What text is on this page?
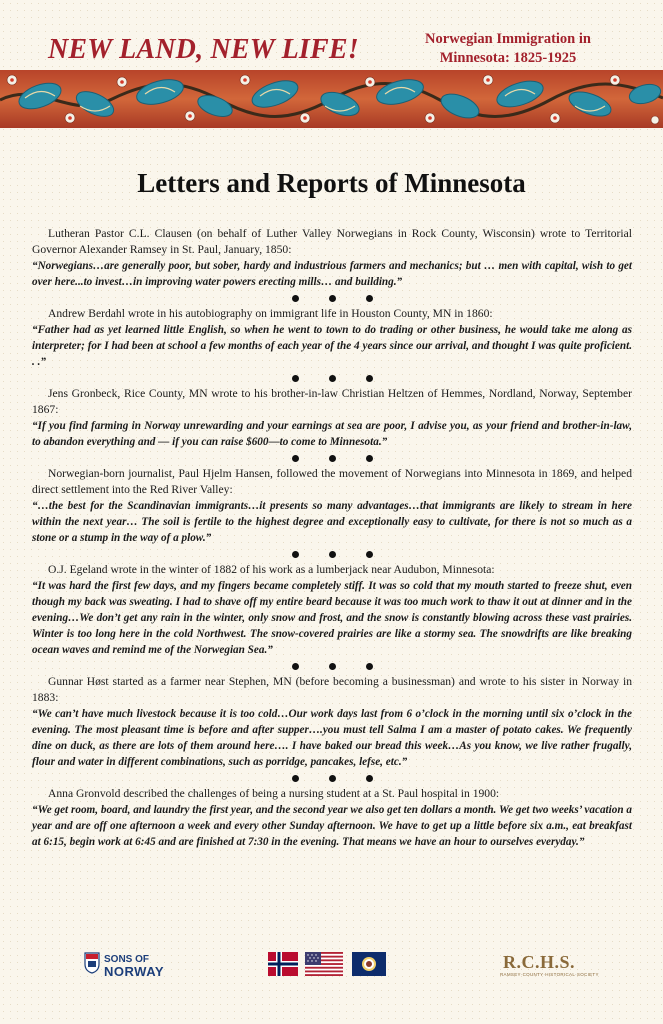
NEW LAND, NEW LIFE!	Norwegian Immigration in
Minnesota: 1825-1925
Letters and Reports of Minnesota

Lutheran Pastor C.L. Clausen (on behalf of Luther Valley Norwegians in Rock County, Wisconsin) wrote to Territorial Governor Alexander Ramsey in St. Paul, January, 1850:

“Norwegians…are generally poor, but sober, hardy and industrious farmers and mechanics; but … men with capital, wish to get over here...to invest…in improving water powers erecting mills… and building.”

Andrew Berdahl wrote in his autobiography on immigrant life in Houston County, MN in 1860:

“Father had as yet learned little English, so when he went to town to do trading or other business, he would take me along as interpreter; for I had been at school a few months of each year of the 4 years since our arrival, and thought I was quite proficient. . .”

Jens Gronbeck, Rice County, MN wrote to his brother-in-law Christian Heltzen of Hemmes, Nordland, Norway, September 1867:

“If you find farming in Norway unrewarding and your earnings at sea are poor, I advise you, as your friend and brother-in-law, to abandon everything and — if you can raise $600—to come to Minnesota.”

Norwegian-born journalist, Paul Hjelm Hansen, followed the movement of Norwegians into Minnesota in 1869, and helped direct settlement into the Red River Valley:

“…the best for the Scandinavian immigrants…it presents so many advantages…that immigrants are likely to stream in here within the next year… The soil is fertile to the highest degree and exceptionally easy to cultivate, for there is not so much as a stone or a stump in the way of a plow.”

O.J. Egeland wrote in the winter of 1882 of his work as a lumberjack near Audubon, Minnesota:

“It was hard the first few days, and my fingers became completely stiff. It was so cold that my mouth started to freeze shut, even though my back was sweating. I had to shave off my entire beard because it was too much work to thaw it out at dinner and in the evening…We don’t get any rain in the winter, only snow and frost, and the snow is constantly blowing across these vast prairies. Winter is too long here in the cold Northwest. The snow-covered prairies are like a stormy sea. The snowdrifts are like breaking ocean waves and remind me of the Norwegian Sea.”

Gunnar Høst started as a farmer near Stephen, MN (before becoming a businessman) and wrote to his sister in Norway in 1883:

“We can’t have much livestock because it is too cold…Our work days last from 6 o’clock in the morning until six o’clock in the evening. The most pleasant time is before and after supper….you must tell Salma I am a master of potato cakes. We frequently dine on duck, as there are lots of them around here…. I have baked our bread this week…As you know, we live rather frugally, flour and water in different combinations, such as porridge, pancakes, lefse, etc.”

Anna Gronvold described the challenges of being a nursing student at a St. Paul hospital in 1900:

“We get room, board, and laundry the first year, and the second year we also get ten dollars a month. We get two weeks’ vacation a year and are off one afternoon a week and every other Sunday afternoon. We have to get up a little before six a.m., eat breakfast at 6:15, begin work at 6:45 and are finished at 7:30 in the evening. That means we have an hour to ourselves everyday.”

SONS OF
NORWAY	R.C.H.S.
RAMSEY·COUNTY·HISTORICAL·SOCIETY
